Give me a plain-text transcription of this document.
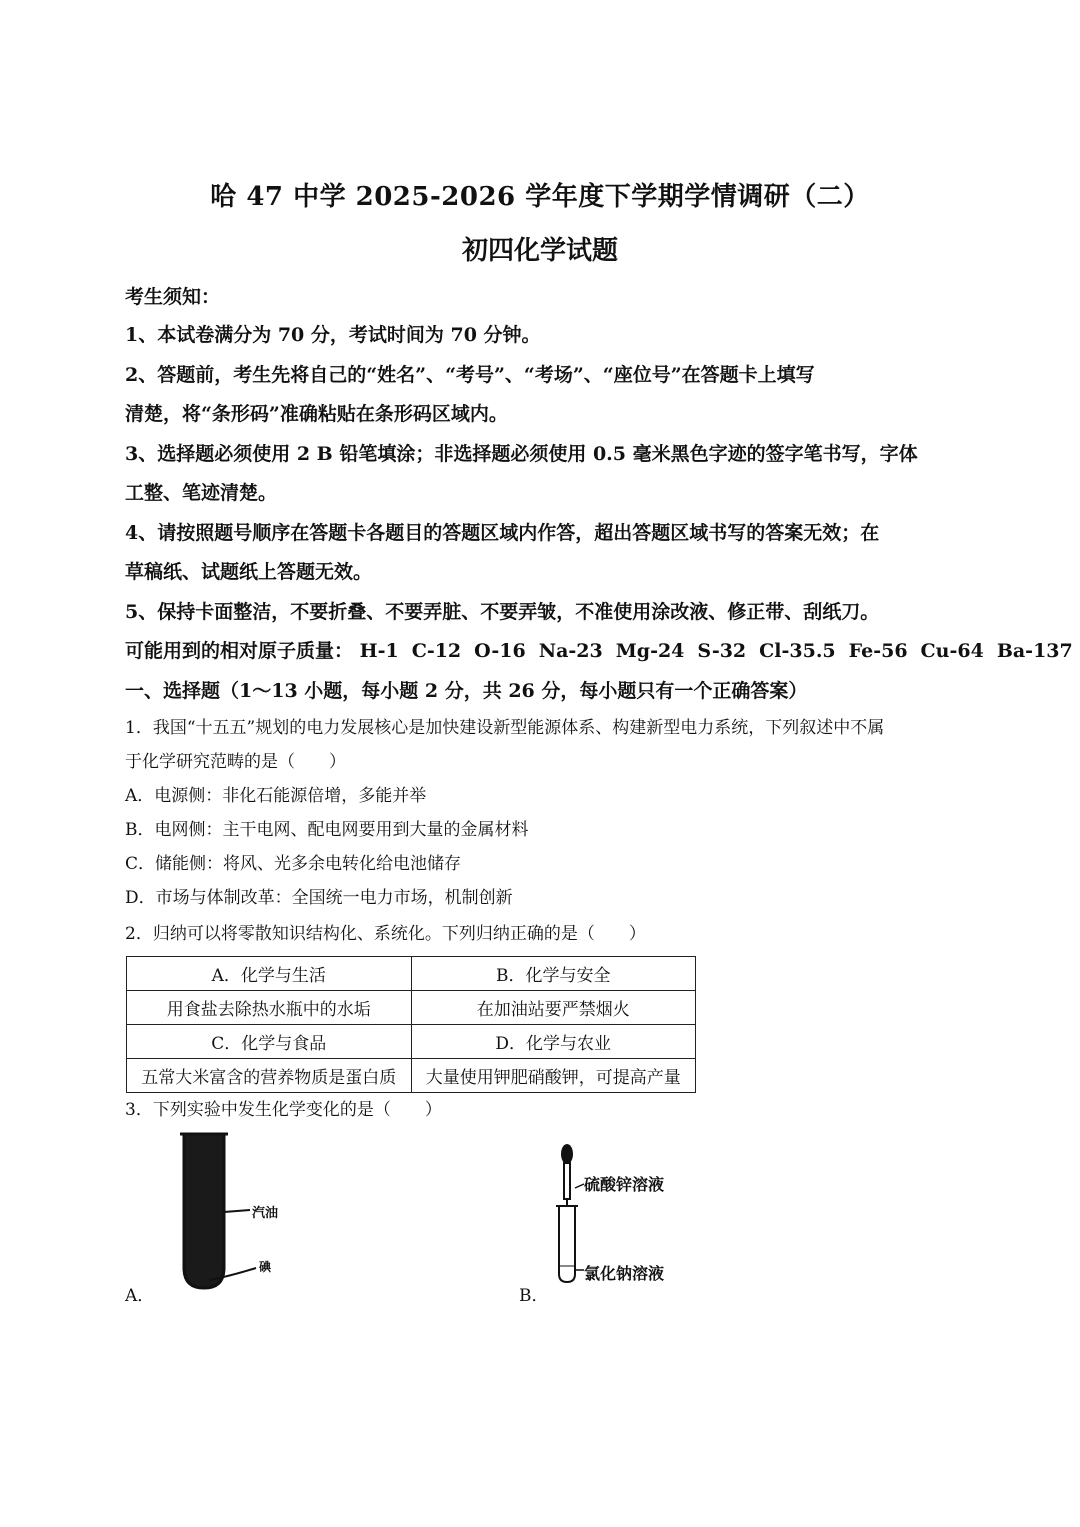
哈 47 中学 2025-2026 学年度下学期学情调研（二）
初四化学试题
考生须知：
1、本试卷满分为 70 分，考试时间为 70 分钟。
2、答题前，考生先将自己的“姓名”、“考号”、“考场”、“座位号”在答题卡上填写
清楚，将“条形码”准确粘贴在条形码区域内。
3、选择题必须使用 2 B 铅笔填涂；非选择题必须使用 0.5 毫米黑色字迹的签字笔书写，字体
工整、笔迹清楚。
4、请按照题号顺序在答题卡各题目的答题区域内作答，超出答题区域书写的答案无效；在
草稿纸、试题纸上答题无效。
5、保持卡面整洁，不要折叠、不要弄脏、不要弄皱，不准使用涂改液、修正带、刮纸刀。
可能用到的相对原子质量： H-1 C-12 O-16 Na-23 Mg-24 S-32 Cl-35.5 Fe-56 Cu-64 Ba-137
一、选择题（1～13 小题，每小题 2 分，共 26 分，每小题只有一个正确答案）
1．我国“十五五”规划的电力发展核心是加快建设新型能源体系、构建新型电力系统，下列叙述中不属
于化学研究范畴的是（　　）
A．电源侧：非化石能源倍增，多能并举
B．电网侧：主干电网、配电网要用到大量的金属材料
C．储能侧：将风、光多余电转化给电池储存
D．市场与体制改革：全国统一电力市场，机制创新
2．归纳可以将零散知识结构化、系统化。下列归纳正确的是（　　）
A．化学与生活	B．化学与安全
用食盐去除热水瓶中的水垢	在加油站要严禁烟火
C．化学与食品	D．化学与农业
五常大米富含的营养物质是蛋白质	大量使用钾肥硝酸钾，可提高产量
3．下列实验中发生化学变化的是（　　）
汽油
碘
A．
硫酸锌溶液
氯化钠溶液
B．
